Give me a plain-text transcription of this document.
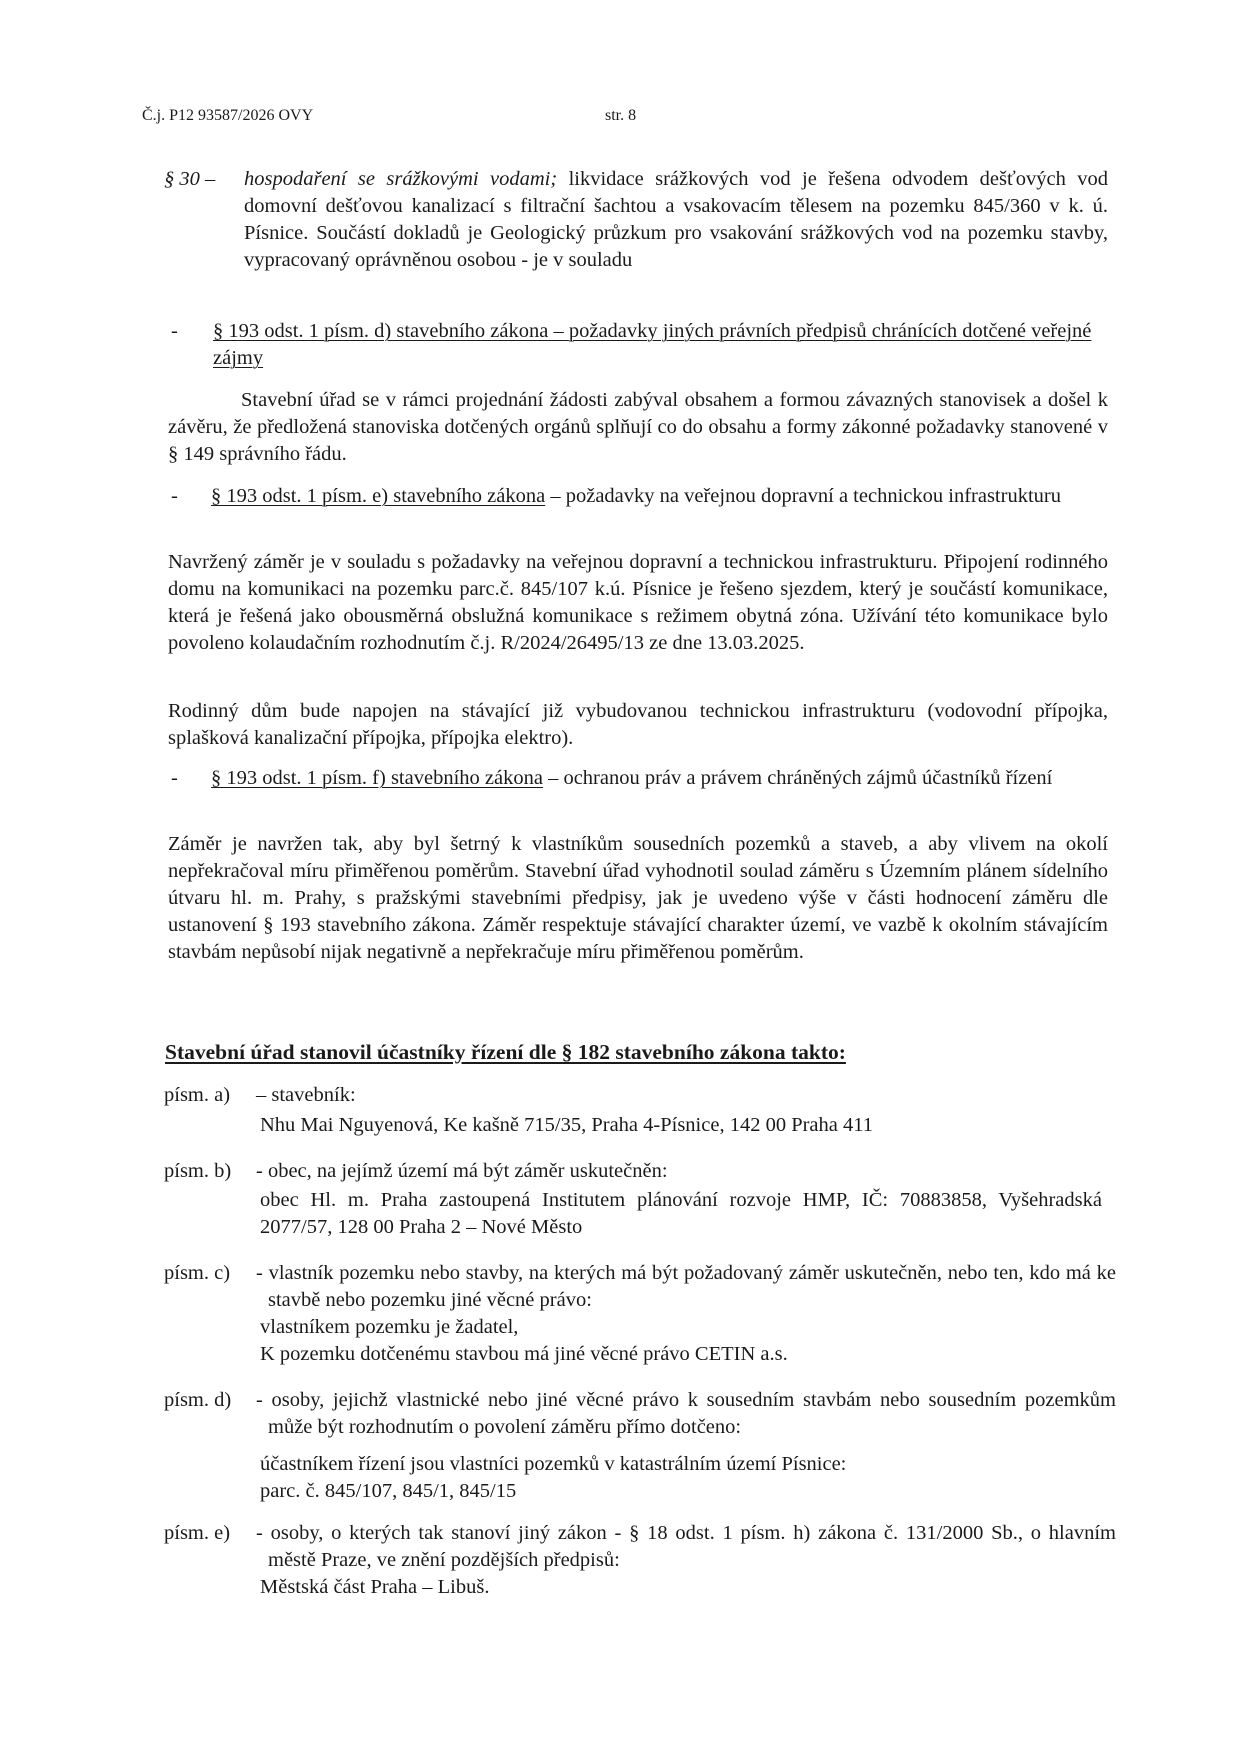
Č.j. P12 93587/2026 OVY	str. 8
§ 30 –	hospodaření se srážkovými vodami; likvidace srážkových vod je řešena odvodem dešťových vod domovní dešťovou kanalizací s filtrační šachtou a vsakovacím tělesem na pozemku 845/360 v k. ú. Písnice. Součástí dokladů je Geologický průzkum pro vsakování srážkových vod na pozemku stavby, vypracovaný oprávněnou osobou - je v souladu

- § 193 odst. 1 písm. d) stavebního zákona – požadavky jiných právních předpisů chránících dotčené veřejné zájmy

Stavební úřad se v rámci projednání žádosti zabýval obsahem a formou závazných stanovisek a došel k závěru, že předložená stanoviska dotčených orgánů splňují co do obsahu a formy zákonné požadavky stanovené v § 149 správního řádu.

- § 193 odst. 1 písm. e) stavebního zákona – požadavky na veřejnou dopravní a technickou infrastrukturu

Navržený záměr je v souladu s požadavky na veřejnou dopravní a technickou infrastrukturu. Připojení rodinného domu na komunikaci na pozemku parc.č. 845/107 k.ú. Písnice je řešeno sjezdem, který je součástí komunikace, která je řešená jako obousměrná obslužná komunikace s režimem obytná zóna. Užívání této komunikace bylo povoleno kolaudačním rozhodnutím č.j. R/2024/26495/13 ze dne 13.03.2025.

Rodinný dům bude napojen na stávající již vybudovanou technickou infrastrukturu (vodovodní přípojka, splašková kanalizační přípojka, přípojka elektro).

- § 193 odst. 1 písm. f) stavebního zákona – ochranou práv a právem chráněných zájmů účastníků řízení

Záměr je navržen tak, aby byl šetrný k vlastníkům sousedních pozemků a staveb, a aby vlivem na okolí nepřekračoval míru přiměřenou poměrům. Stavební úřad vyhodnotil soulad záměru s Územním plánem sídelního útvaru hl. m. Prahy, s pražskými stavebními předpisy, jak je uvedeno výše v části hodnocení záměru dle ustanovení § 193 stavebního zákona. Záměr respektuje stávající charakter území, ve vazbě k okolním stávajícím stavbám nepůsobí nijak negativně a nepřekračuje míru přiměřenou poměrům.

Stavební úřad stanovil účastníky řízení dle § 182 stavebního zákona takto:
písm. a) – stavebník:
Nhu Mai Nguyenová, Ke kašně 715/35, Praha 4-Písnice, 142 00 Praha 411
písm. b) - obec, na jejímž území má být záměr uskutečněn:

obec Hl. m. Praha zastoupená Institutem plánování rozvoje HMP, IČ: 70883858, Vyšehradská 2077/57, 128 00 Praha 2 – Nové Město

písm. c) - vlastník pozemku nebo stavby, na kterých má být požadovaný záměr uskutečněn, nebo ten, kdo má ke stavbě nebo pozemku jiné věcné právo:

vlastníkem pozemku je žadatel,
K pozemku dotčenému stavbou má jiné věcné právo CETIN a.s.
písm. d) - osoby, jejichž vlastnické nebo jiné věcné právo k sousedním stavbám nebo sousedním pozemkům může být rozhodnutím o povolení záměru přímo dotčeno:

účastníkem řízení jsou vlastníci pozemků v katastrálním území Písnice:
parc. č. 845/107, 845/1, 845/15
písm. e) - osoby, o kterých tak stanoví jiný zákon - § 18 odst. 1 písm. h) zákona č. 131/2000 Sb., o hlavním městě Praze, ve znění pozdějších předpisů:

Městská část Praha – Libuš.
